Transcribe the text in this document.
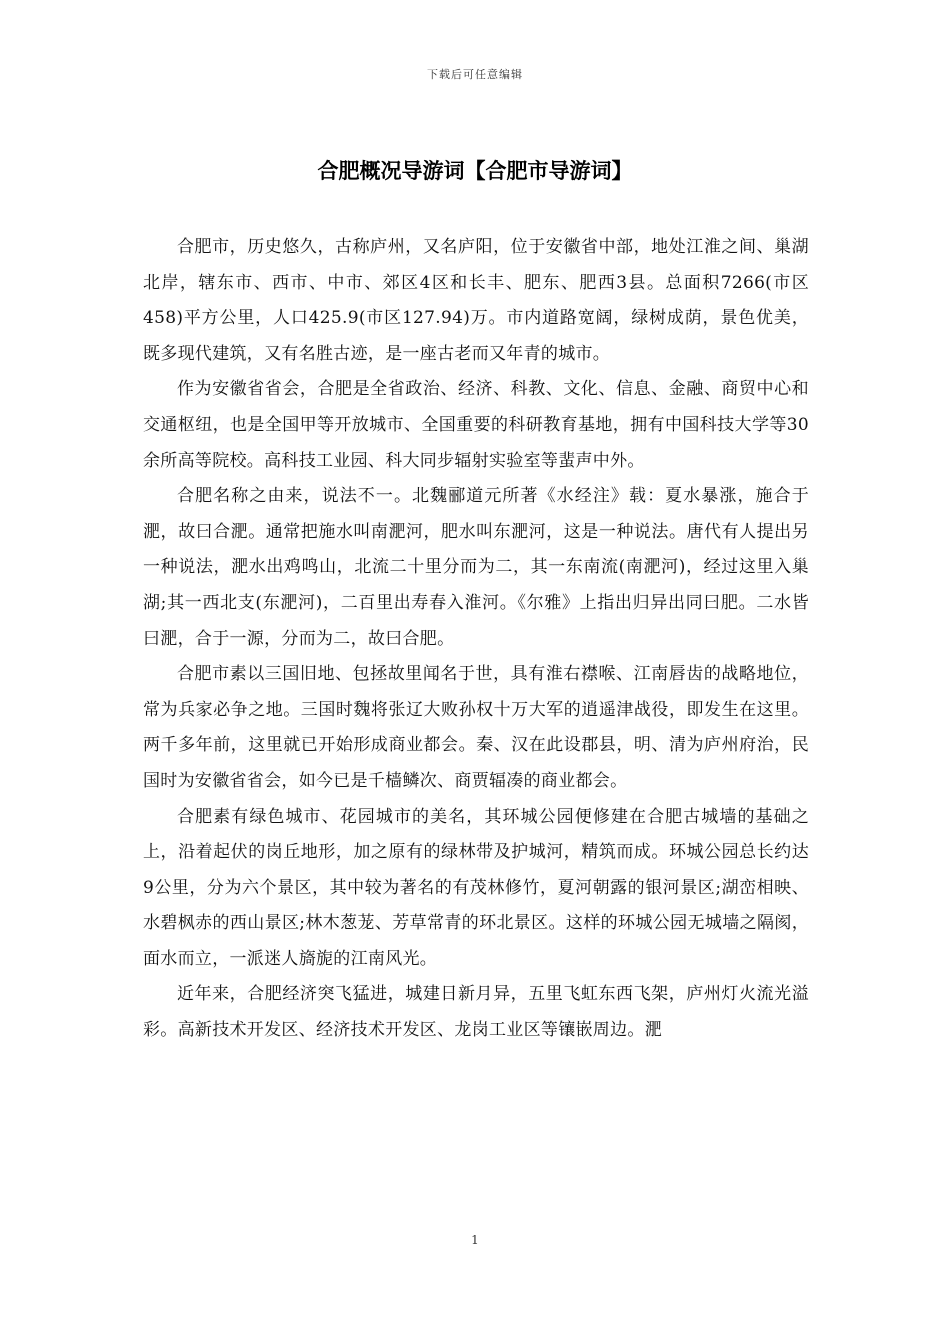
下载后可任意编辑
合肥概况导游词【合肥市导游词】

合肥市，历史悠久，古称庐州，又名庐阳，位于安徽省中部，地处江淮之间、巢湖北岸，辖东市、西市、中市、郊区4区和长丰、肥东、肥西3县。总面积7266(市区458)平方公里，人口425.9(市区127.94)万。市内道路宽阔，绿树成荫，景色优美，既多现代建筑，又有名胜古迹，是一座古老而又年青的城市。

作为安徽省省会，合肥是全省政治、经济、科教、文化、信息、金融、商贸中心和交通枢纽，也是全国甲等开放城市、全国重要的科研教育基地，拥有中国科技大学等30余所高等院校。高科技工业园、科大同步辐射实验室等蜚声中外。

合肥名称之由来，说法不一。北魏郦道元所著《水经注》载：夏水暴涨，施合于淝，故曰合淝。通常把施水叫南淝河，肥水叫东淝河，这是一种说法。唐代有人提出另一种说法，淝水出鸡鸣山，北流二十里分而为二，其一东南流(南淝河)，经过这里入巢湖;其一西北支(东淝河)，二百里出寿春入淮河。《尔雅》上指出归异出同曰肥。二水皆曰淝，合于一源，分而为二，故曰合肥。

合肥市素以三国旧地、包拯故里闻名于世，具有淮右襟喉、江南唇齿的战略地位，常为兵家必争之地。三国时魏将张辽大败孙权十万大军的逍遥津战役，即发生在这里。两千多年前，这里就已开始形成商业都会。秦、汉在此设郡县，明、清为庐州府治，民国时为安徽省省会，如今已是千樯鳞次、商贾辐凑的商业都会。

合肥素有绿色城市、花园城市的美名，其环城公园便修建在合肥古城墙的基础之上，沿着起伏的岗丘地形，加之原有的绿林带及护城河，精筑而成。环城公园总长约达9公里，分为六个景区，其中较为著名的有茂林修竹，夏河朝露的银河景区;湖峦相映、水碧枫赤的西山景区;林木葱茏、芳草常青的环北景区。这样的环城公园无城墙之隔阂，面水而立，一派迷人旖旎的江南风光。

近年来，合肥经济突飞猛进，城建日新月异，五里飞虹东西飞架，庐州灯火流光溢彩。高新技术开发区、经济技术开发区、龙岗工业区等镶嵌周边。淝

1
